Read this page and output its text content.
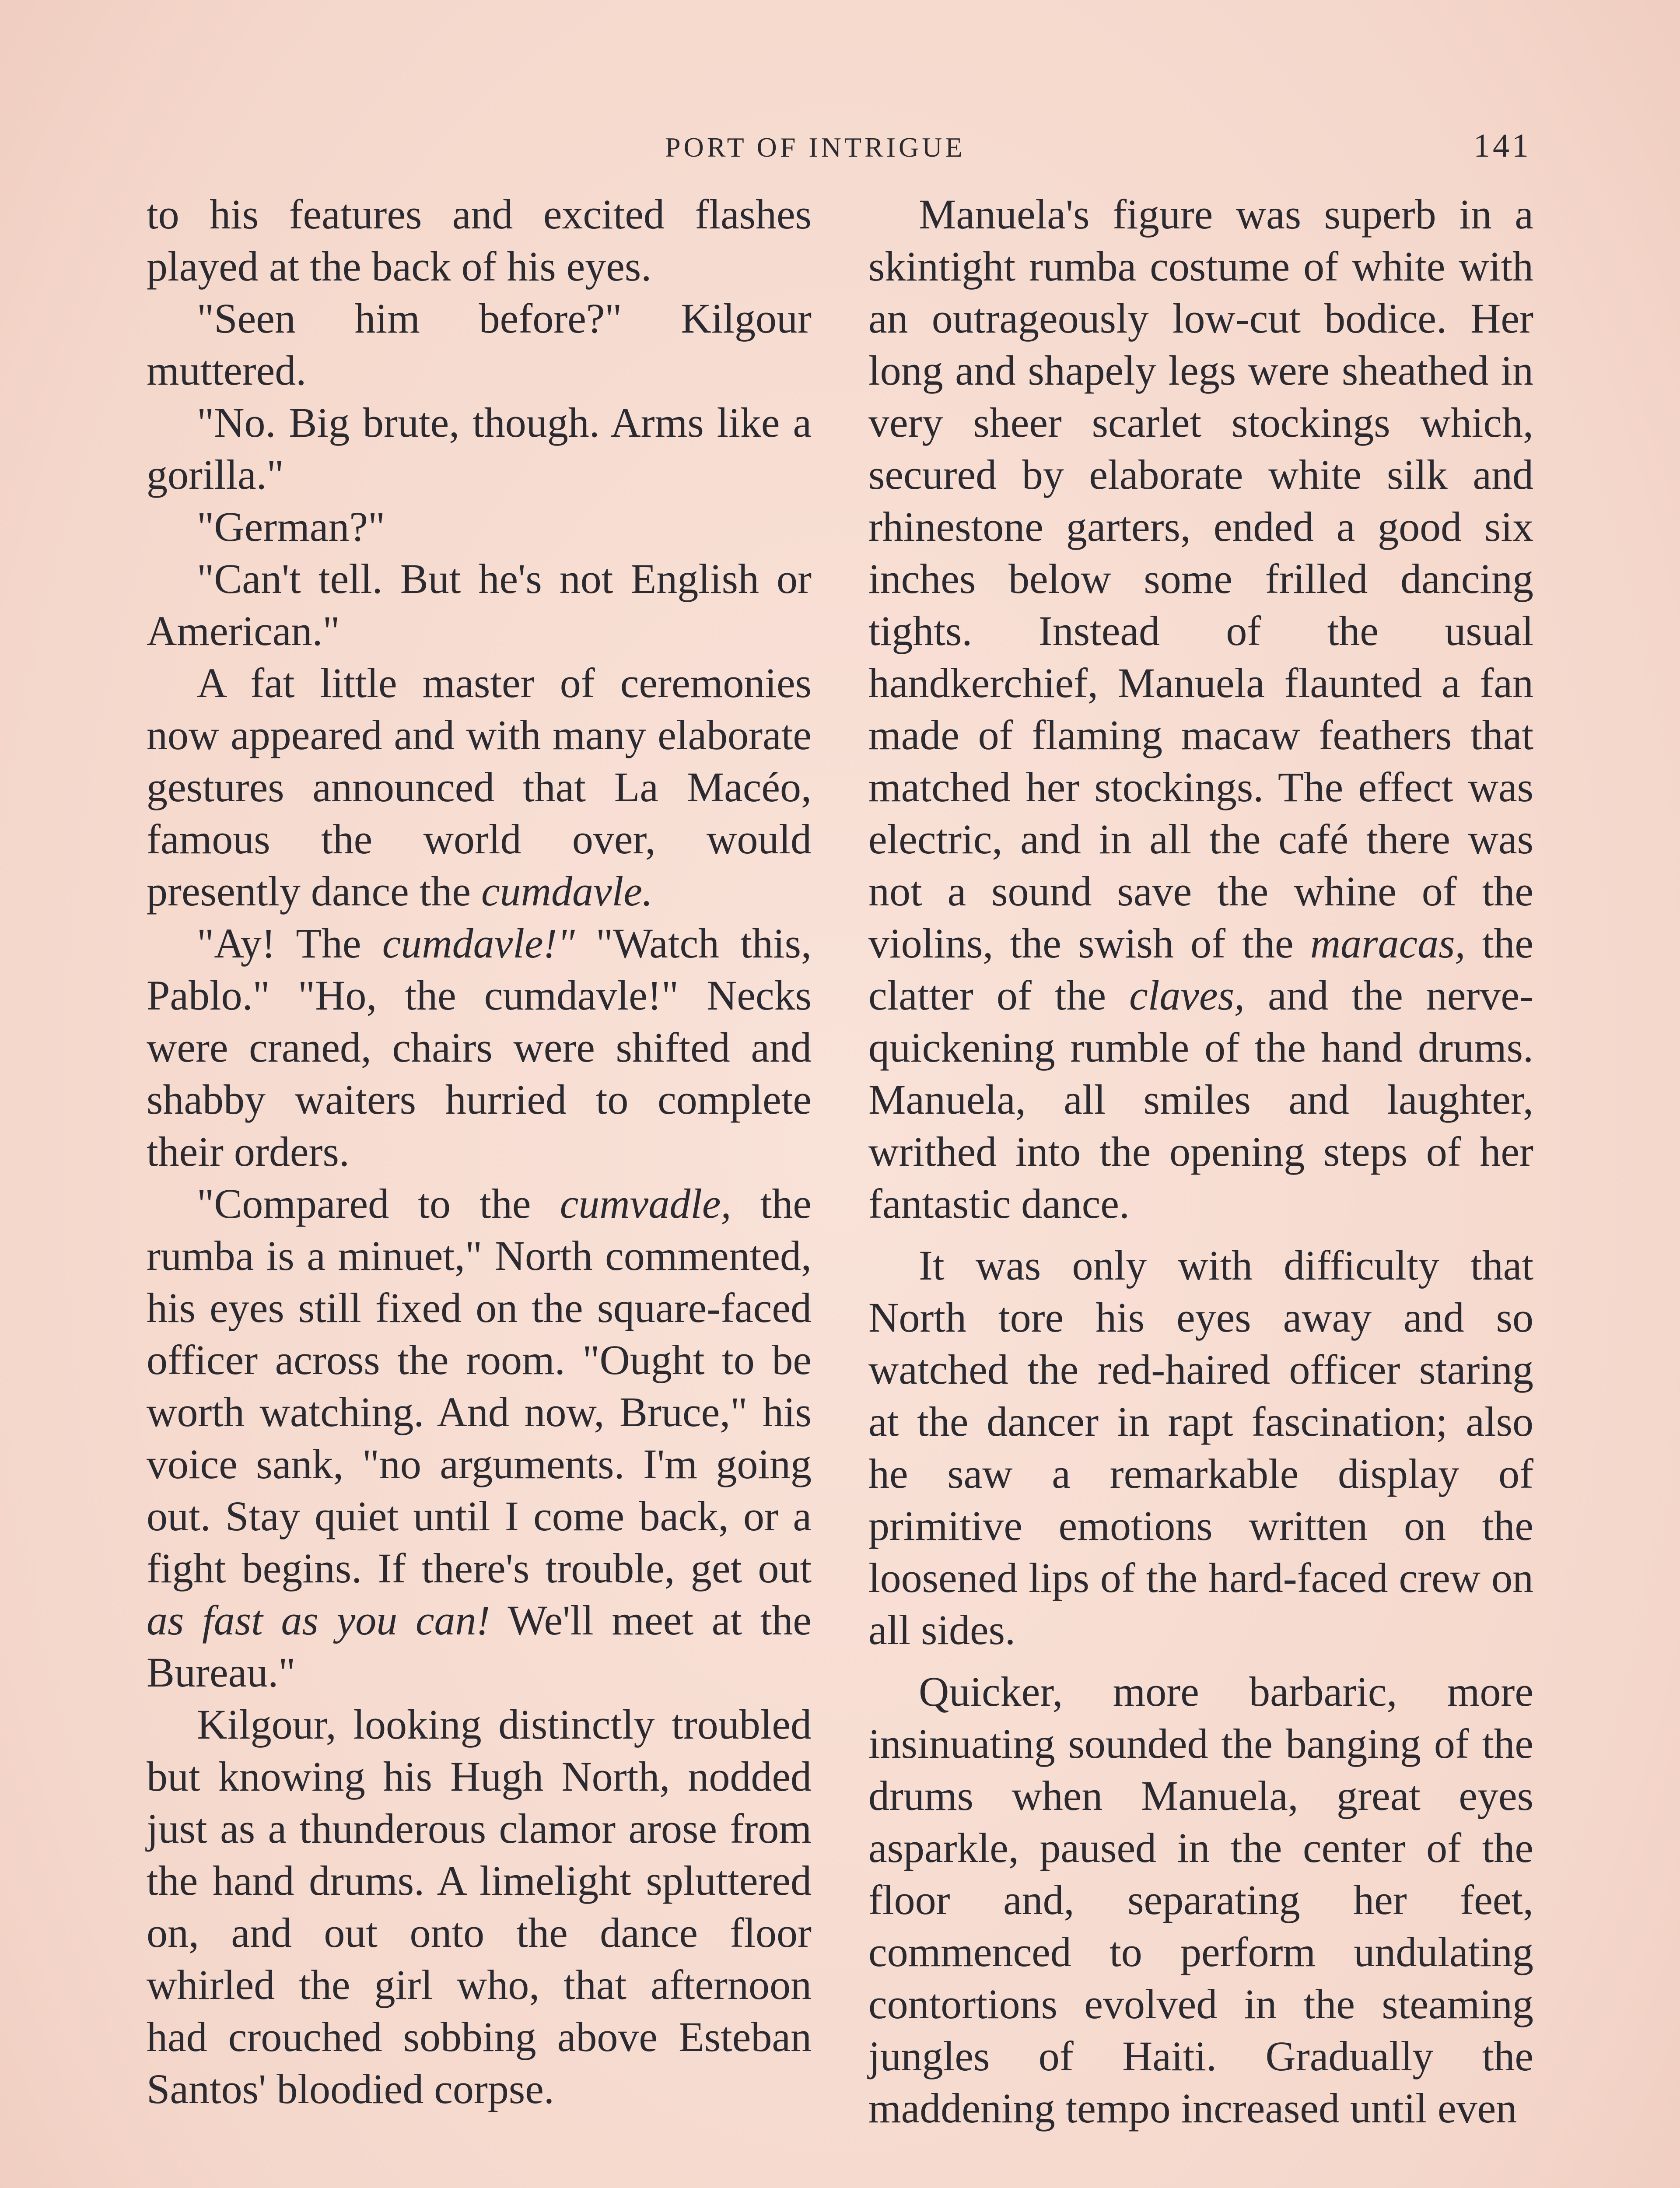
PORT OF INTRIGUE	141

to his features and excited flashes played at the back of his eyes.

"Seen him before?" Kilgour muttered.

"No. Big brute, though. Arms like a gorilla."

"German?"

"Can't tell. But he's not English or American."

A fat little master of ceremonies now appeared and with many elaborate gestures announced that La Macéo, famous the world over, would presently dance the cumdavle.

"Ay! The cumdavle!" "Watch this, Pablo." "Ho, the cumdavle!" Necks were craned, chairs were shifted and shabby waiters hurried to complete their orders.

"Compared to the cumvadle, the rumba is a minuet," North commented, his eyes still fixed on the square-faced officer across the room. "Ought to be worth watching. And now, Bruce," his voice sank, "no arguments. I'm going out. Stay quiet until I come back, or a fight begins. If there's trouble, get out as fast as you can! We'll meet at the Bureau."

Kilgour, looking distinctly troubled but knowing his Hugh North, nodded just as a thunderous clamor arose from the hand drums. A limelight spluttered on, and out onto the dance floor whirled the girl who, that afternoon had crouched sobbing above Esteban Santos' bloodied corpse.

Manuela's figure was superb in a skintight rumba costume of white with an outrageously low-cut bodice. Her long and shapely legs were sheathed in very sheer scarlet stockings which, secured by elaborate white silk and rhinestone garters, ended a good six inches below some frilled dancing tights. Instead of the usual handkerchief, Manuela flaunted a fan made of flaming macaw feathers that matched her stockings. The effect was electric, and in all the café there was not a sound save the whine of the violins, the swish of the maracas, the clatter of the claves, and the nerve-quickening rumble of the hand drums. Manuela, all smiles and laughter, writhed into the opening steps of her fantastic dance.

It was only with difficulty that North tore his eyes away and so watched the red-haired officer staring at the dancer in rapt fascination; also he saw a remarkable display of primitive emotions written on the loosened lips of the hard-faced crew on all sides.

Quicker, more barbaric, more insinuating sounded the banging of the drums when Manuela, great eyes asparkle, paused in the center of the floor and, separating her feet, commenced to perform undulating contortions evolved in the steaming jungles of Haiti. Gradually the maddening tempo increased until even
